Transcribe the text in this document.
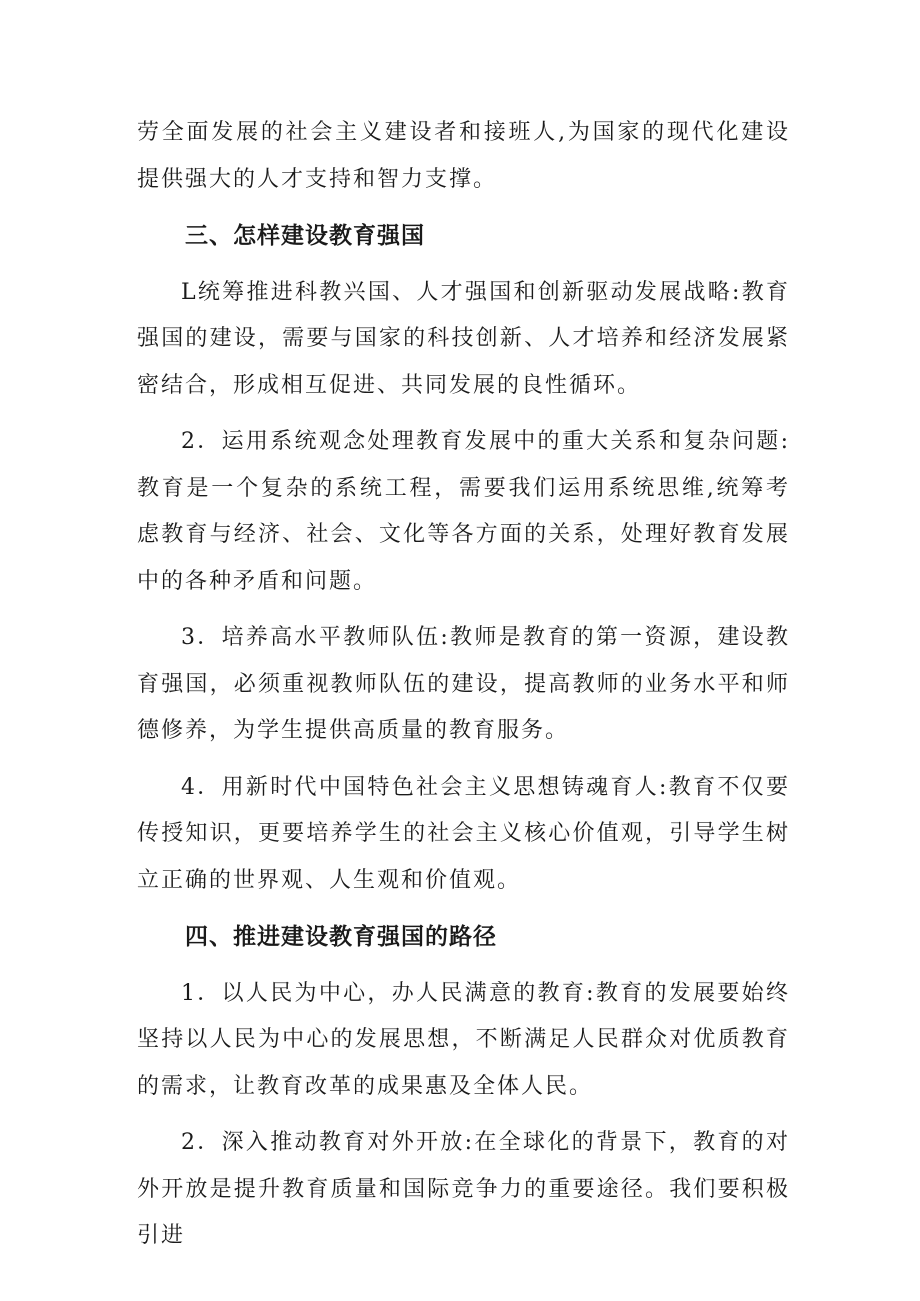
劳全面发展的社会主义建设者和接班人,为国家的现代化建设提供强大的人才支持和智力支撑。

三、怎样建设教育强国

L统筹推进科教兴国、人才强国和创新驱动发展战略:教育强国的建设，需要与国家的科技创新、人才培养和经济发展紧密结合，形成相互促进、共同发展的良性循环。

2．运用系统观念处理教育发展中的重大关系和复杂问题:教育是一个复杂的系统工程，需要我们运用系统思维,统筹考虑教育与经济、社会、文化等各方面的关系，处理好教育发展中的各种矛盾和问题。

3．培养高水平教师队伍:教师是教育的第一资源，建设教育强国，必须重视教师队伍的建设，提高教师的业务水平和师德修养，为学生提供高质量的教育服务。

4．用新时代中国特色社会主义思想铸魂育人:教育不仅要传授知识，更要培养学生的社会主义核心价值观，引导学生树立正确的世界观、人生观和价值观。

四、推进建设教育强国的路径

1．以人民为中心，办人民满意的教育:教育的发展要始终坚持以人民为中心的发展思想，不断满足人民群众对优质教育的需求，让教育改革的成果惠及全体人民。

2．深入推动教育对外开放:在全球化的背景下，教育的对外开放是提升教育质量和国际竞争力的重要途径。我们要积极引进
